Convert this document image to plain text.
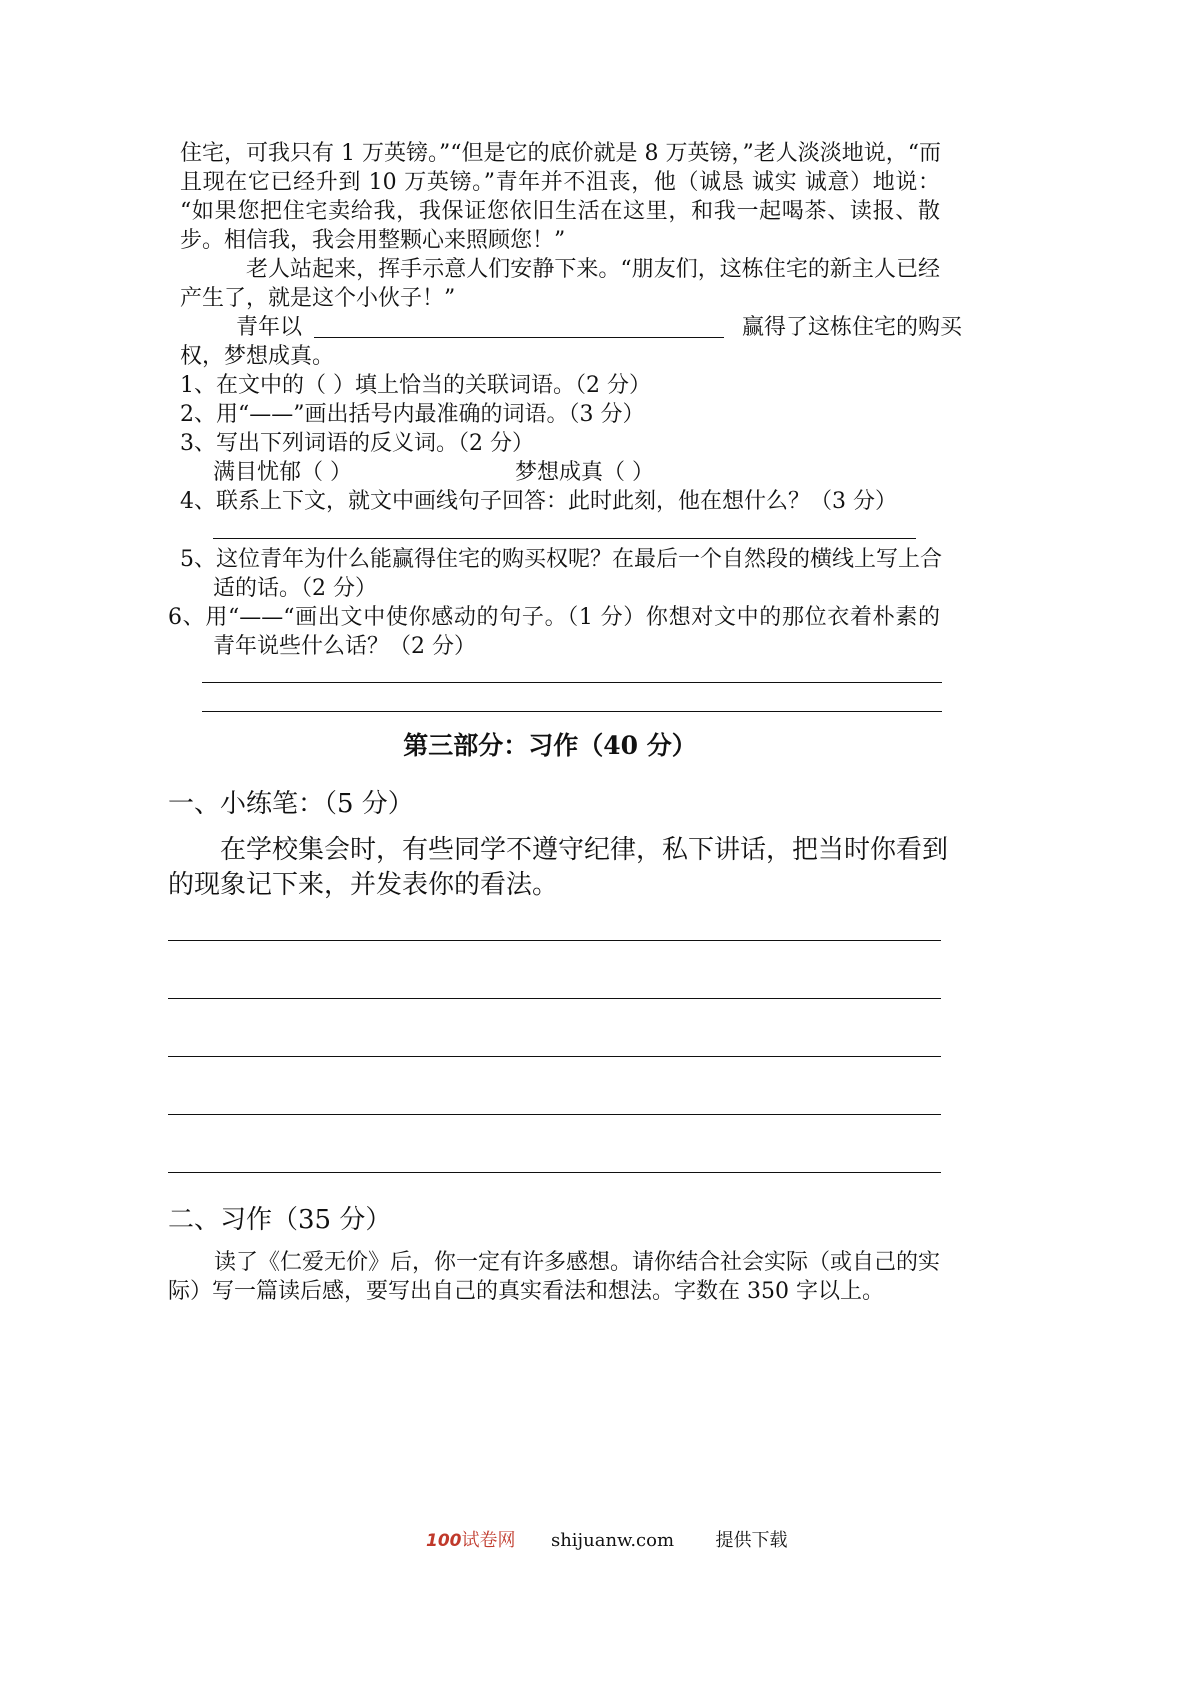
住宅，可我只有 1 万英镑。”“但是它的底价就是 8 万英镑，”老人淡淡地说，“而
且现在它已经升到 10 万英镑。”青年并不沮丧，他（诚恳 诚实 诚意）地说：
“如果您把住宅卖给我，我保证您依旧生活在这里，和我一起喝茶、读报、散
步。相信我，我会用整颗心来照顾您！”
老人站起来，挥手示意人们安静下来。“朋友们，这栋住宅的新主人已经
产生了，就是这个小伙子！”
青年以	赢得了这栋住宅的购买
权，梦想成真。
1、在文中的（ ）填上恰当的关联词语。（2 分）
2、用“——”画出括号内最准确的词语。（3 分）
3、写出下列词语的反义词。（2 分）
满目忧郁（ ）	梦想成真（ ）
4、联系上下文，就文中画线句子回答：此时此刻，他在想什么？（3 分）
5、这位青年为什么能赢得住宅的购买权呢？在最后一个自然段的横线上写上合
适的话。（2 分）
6、用“——“画出文中使你感动的句子。（1 分）你想对文中的那位衣着朴素的
青年说些什么话？（2 分）
第三部分：习作（40 分）
一、小练笔：（5 分）
在学校集会时，有些同学不遵守纪律，私下讲话，把当时你看到
的现象记下来，并发表你的看法。
二、习作（35 分）
读了《仁爱无价》后，你一定有许多感想。请你结合社会实际（或自己的实
际）写一篇读后感，要写出自己的真实看法和想法。字数在 350 字以上。
100试卷网 shijuanw.com 提供下载
